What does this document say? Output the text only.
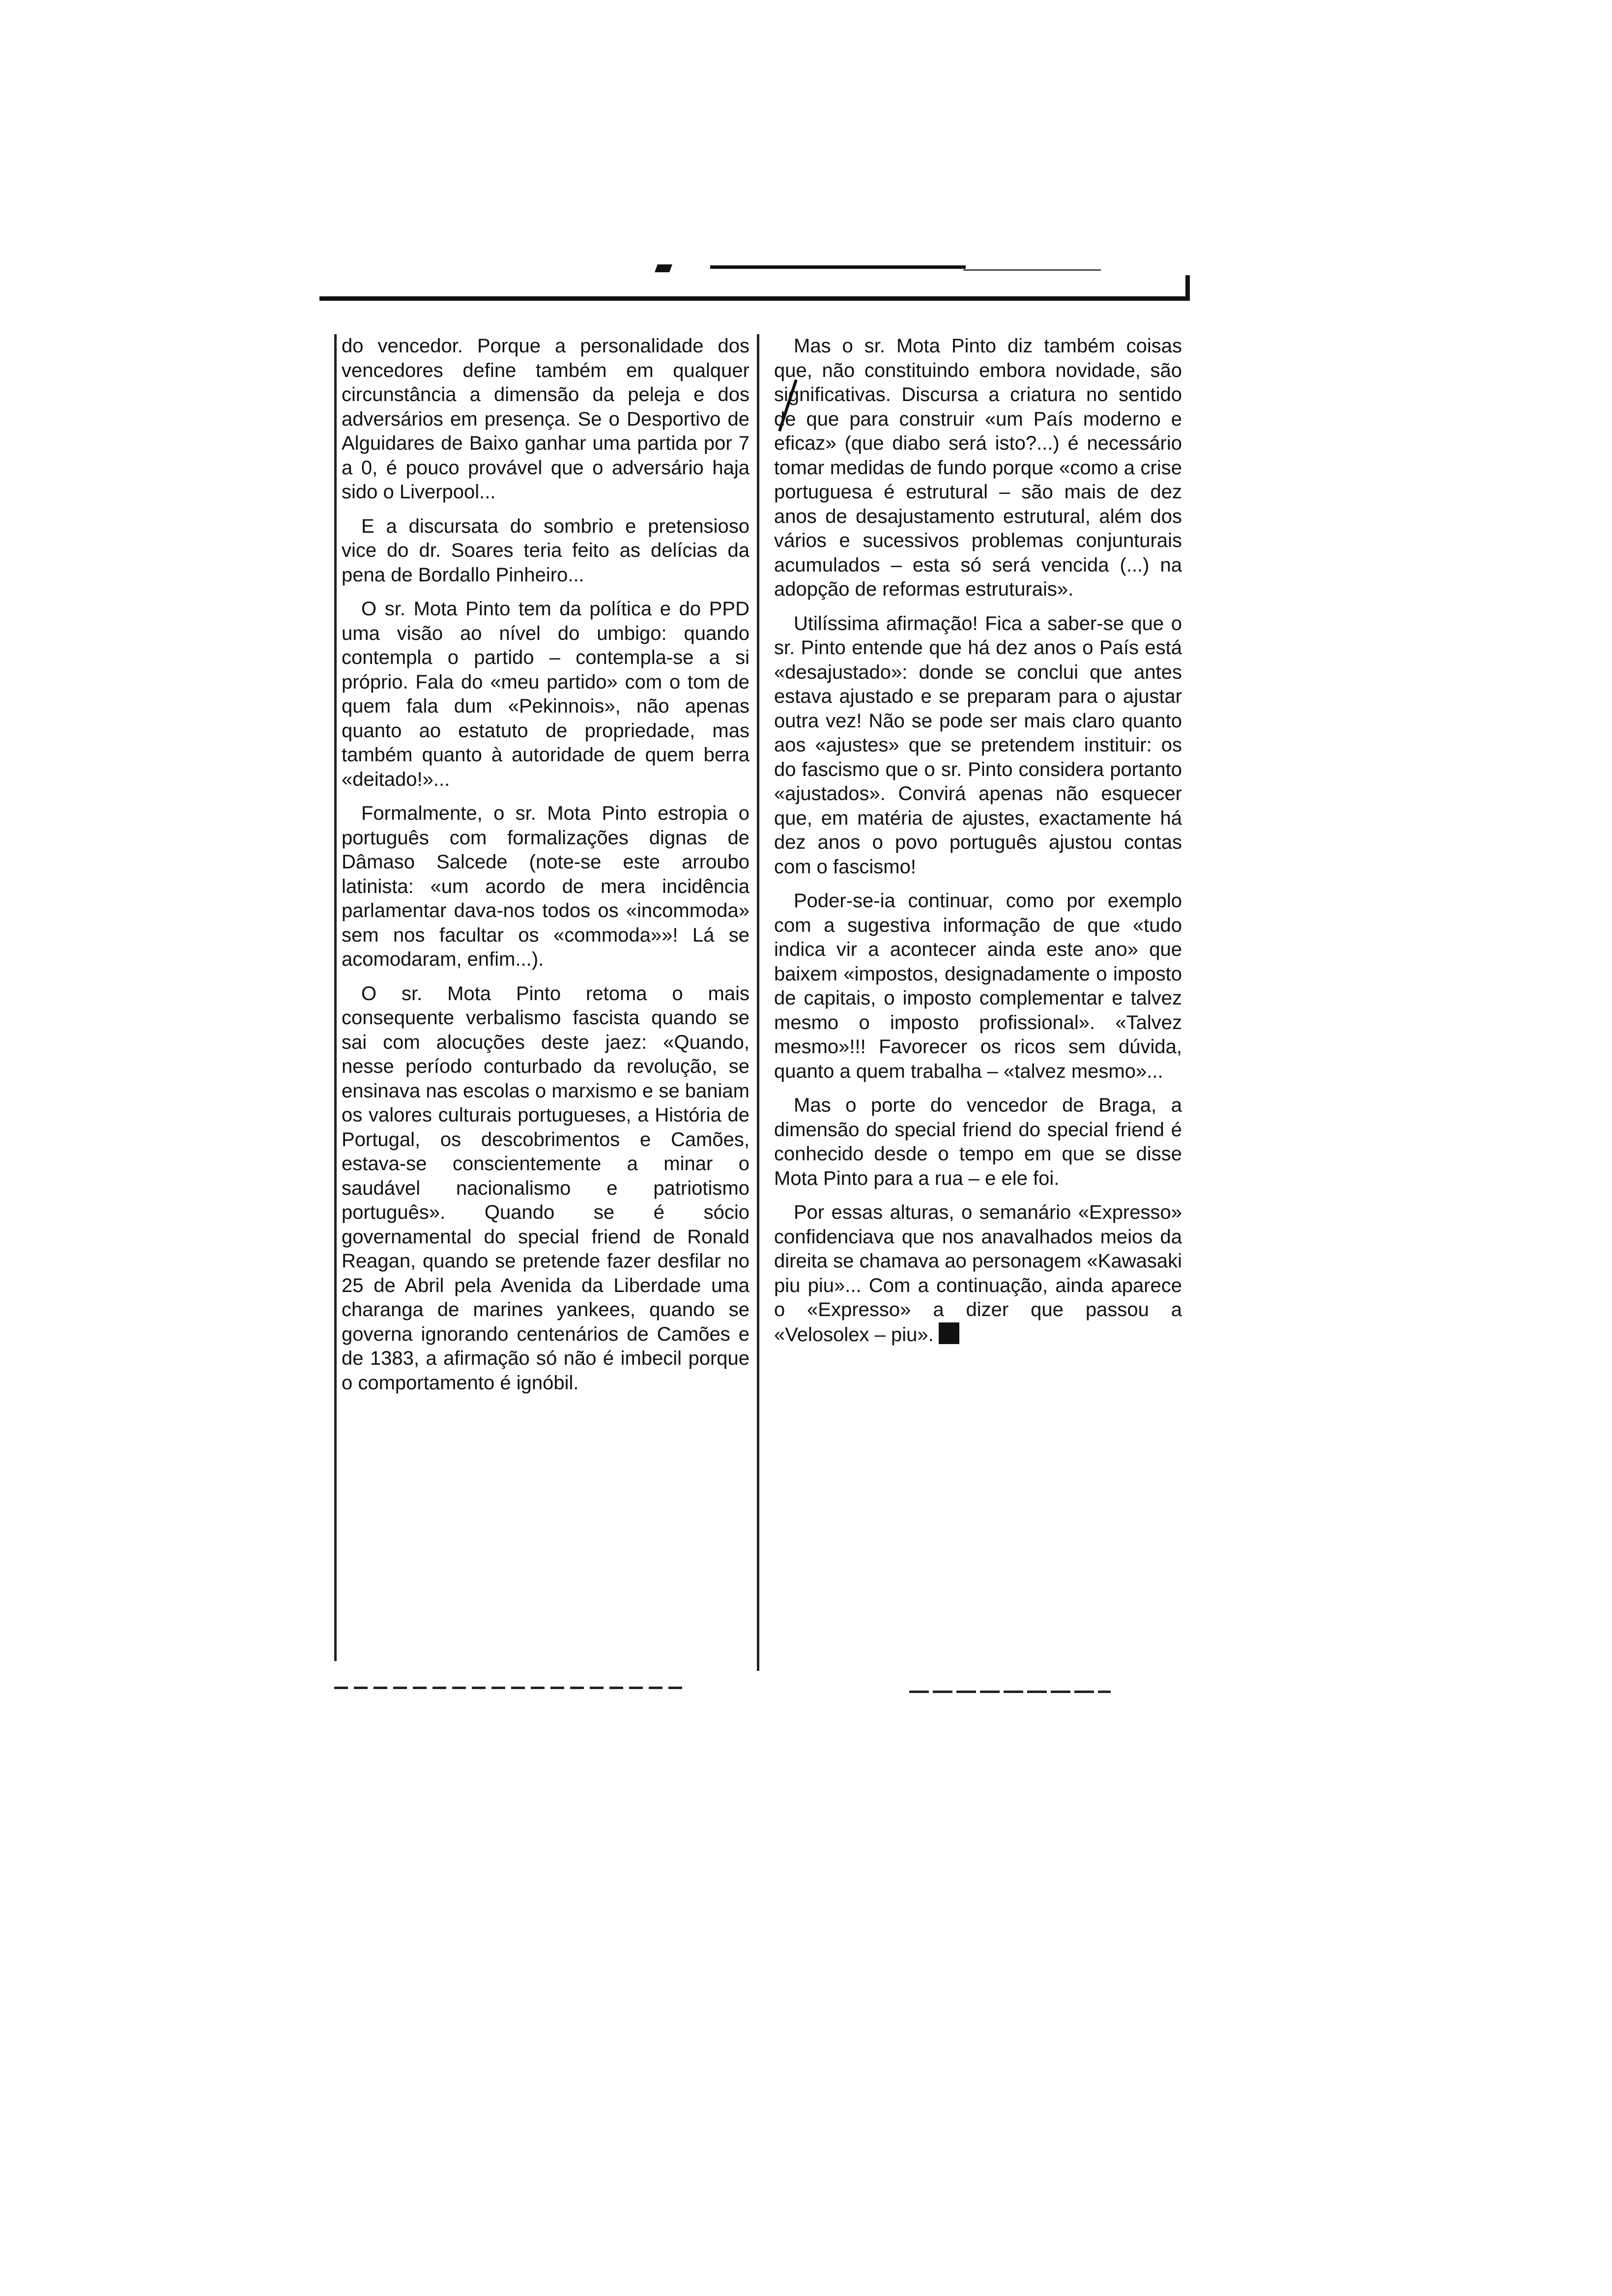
do vencedor. Porque a personalidade dos vencedores define também em qualquer circunstância a dimensão da peleja e dos adversários em presença. Se o Desportivo de Alguidares de Baixo ganhar uma partida por 7 a 0, é pouco provável que o adversário haja sido o Liverpool...

E a discursata do sombrio e pretensioso vice do dr. Soares teria feito as delícias da pena de Bordallo Pinheiro...

O sr. Mota Pinto tem da política e do PPD uma visão ao nível do umbigo: quando contempla o partido – contempla-se a si próprio. Fala do «meu partido» com o tom de quem fala dum «Pekinnois», não apenas quanto ao estatuto de propriedade, mas também quanto à autoridade de quem berra «deitado!»...

Formalmente, o sr. Mota Pinto estropia o português com formalizações dignas de Dâmaso Salcede (note-se este arroubo latinista: «um acordo de mera incidência parlamentar dava-nos todos os «incommoda» sem nos facultar os «commoda»»! Lá se acomodaram, enfim...).

O sr. Mota Pinto retoma o mais consequente verbalismo fascista quando se sai com alocuções deste jaez: «Quando, nesse período conturbado da revolução, se ensinava nas escolas o marxismo e se baniam os valores culturais portugueses, a História de Portugal, os descobrimentos e Camões, estava-se conscientemente a minar o saudável nacionalismo e patriotismo português». Quando se é sócio governamental do special friend de Ronald Reagan, quando se pretende fazer desfilar no 25 de Abril pela Avenida da Liberdade uma charanga de marines yankees, quando se governa ignorando centenários de Camões e de 1383, a afirmação só não é imbecil porque o comportamento é ignóbil.

Mas o sr. Mota Pinto diz também coisas que, não constituindo embora novidade, são significativas. Discursa a criatura no sentido de que para construir «um País moderno e eficaz» (que diabo será isto?...) é necessário tomar medidas de fundo porque «como a crise portuguesa é estrutural – são mais de dez anos de desajustamento estrutural, além dos vários e sucessivos problemas conjunturais acumulados – esta só será vencida (...) na adopção de reformas estruturais».

Utilíssima afirmação! Fica a saber-se que o sr. Pinto entende que há dez anos o País está «desajustado»: donde se conclui que antes estava ajustado e se preparam para o ajustar outra vez! Não se pode ser mais claro quanto aos «ajustes» que se pretendem instituir: os do fascismo que o sr. Pinto considera portanto «ajustados». Convirá apenas não esquecer que, em matéria de ajustes, exactamente há dez anos o povo português ajustou contas com o fascismo!

Poder-se-ia continuar, como por exemplo com a sugestiva informação de que «tudo indica vir a acontecer ainda este ano» que baixem «impostos, designadamente o imposto de capitais, o imposto complementar e talvez mesmo o imposto profissional». «Talvez mesmo»!!! Favorecer os ricos sem dúvida, quanto a quem trabalha – «talvez mesmo»...

Mas o porte do vencedor de Braga, a dimensão do special friend do special friend é conhecido desde o tempo em que se disse Mota Pinto para a rua – e ele foi.

Por essas alturas, o semanário «Expresso» confidenciava que nos anavalhados meios da direita se chamava ao personagem «Kawasaki piu piu»... Com a continuação, ainda aparece o «Expresso» a dizer que passou a «Velosolex – piu».
